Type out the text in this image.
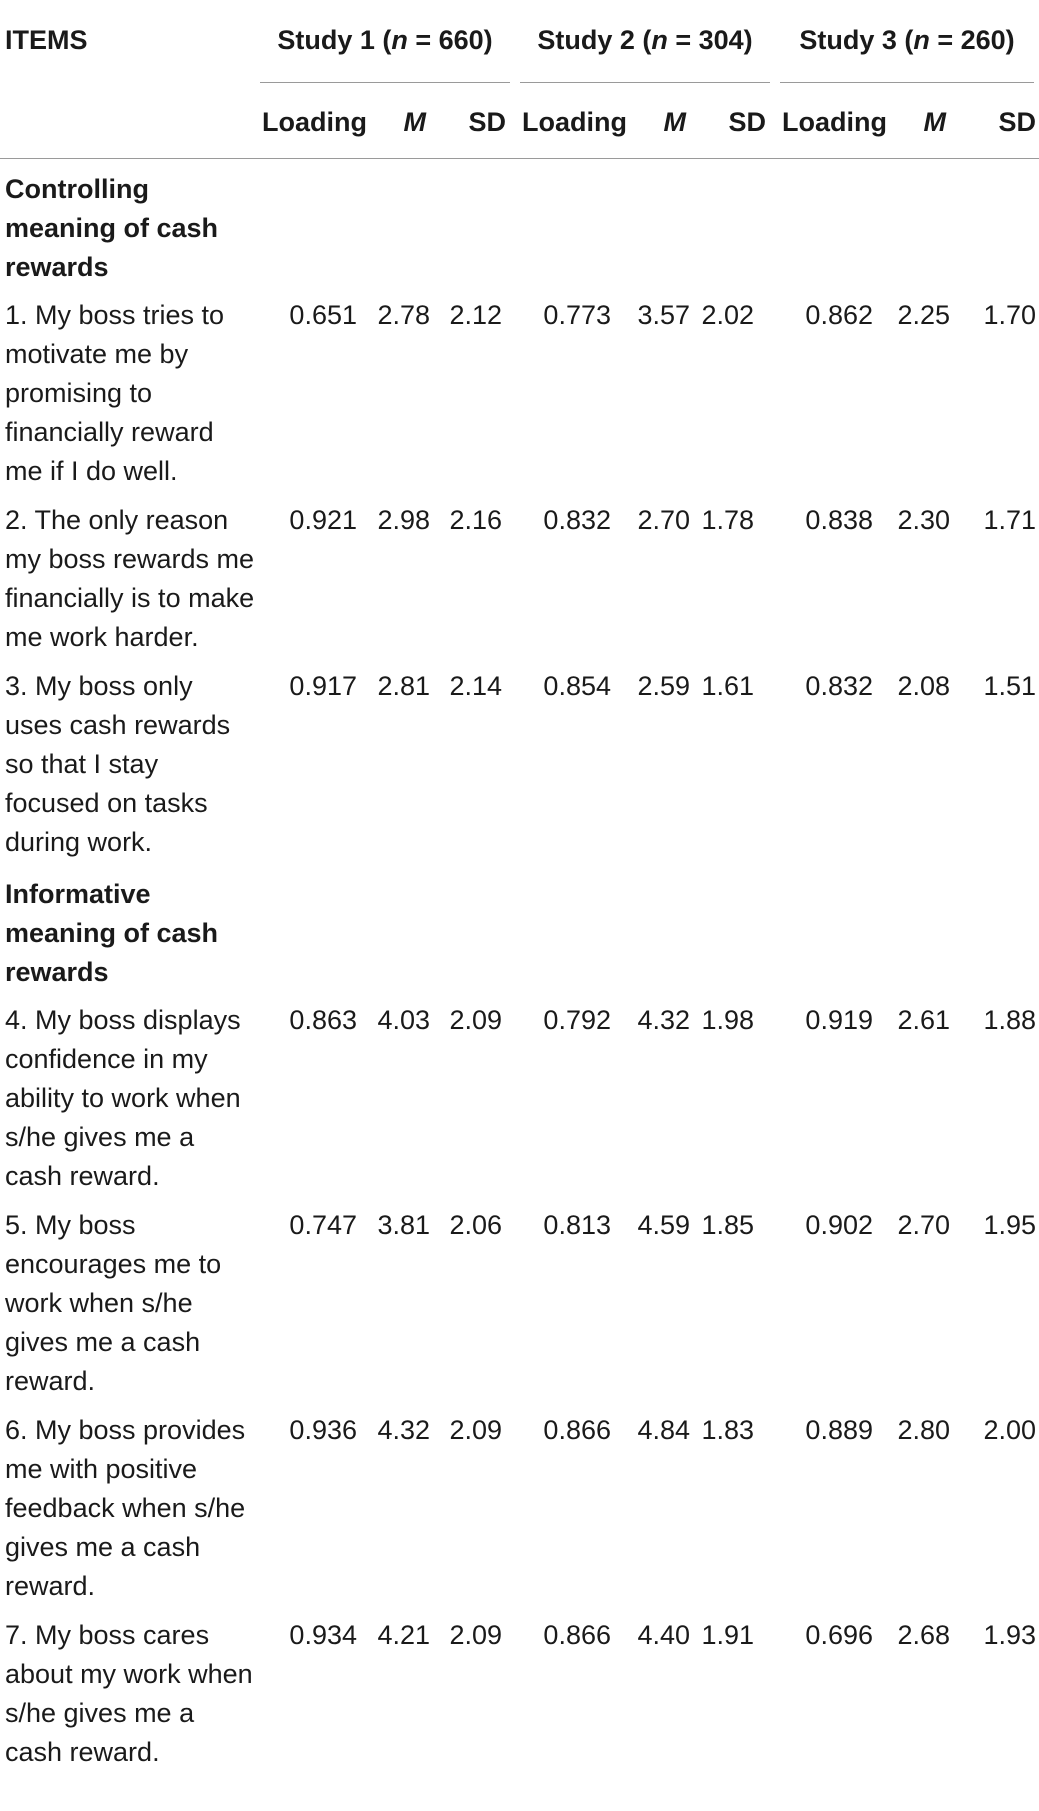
ITEMS	Study 1 (n = 660)			Study 2 (n = 304)			Study 3 (n = 260)		

	Loading	M	SD	Loading	M	SD	Loading	M	SD
Controlling meaning of cash rewards									
1. My boss tries to motivate me by promising to financially reward me if I do well.	0.651	2.78	2.12	0.773	3.57	2.02	0.862	2.25	1.70
2. The only reason my boss rewards me financially is to make me work harder.	0.921	2.98	2.16	0.832	2.70	1.78	0.838	2.30	1.71
3. My boss only uses cash rewards so that I stay focused on tasks during work.	0.917	2.81	2.14	0.854	2.59	1.61	0.832	2.08	1.51
Informative meaning of cash rewards									
4. My boss displays confidence in my ability to work when s/he gives me a cash reward.	0.863	4.03	2.09	0.792	4.32	1.98	0.919	2.61	1.88
5. My boss encourages me to work when s/he gives me a cash reward.	0.747	3.81	2.06	0.813	4.59	1.85	0.902	2.70	1.95
6. My boss provides me with positive feedback when s/he gives me a cash reward.	0.936	4.32	2.09	0.866	4.84	1.83	0.889	2.80	2.00
7. My boss cares about my work when s/he gives me a cash reward.	0.934	4.21	2.09	0.866	4.40	1.91	0.696	2.68	1.93
